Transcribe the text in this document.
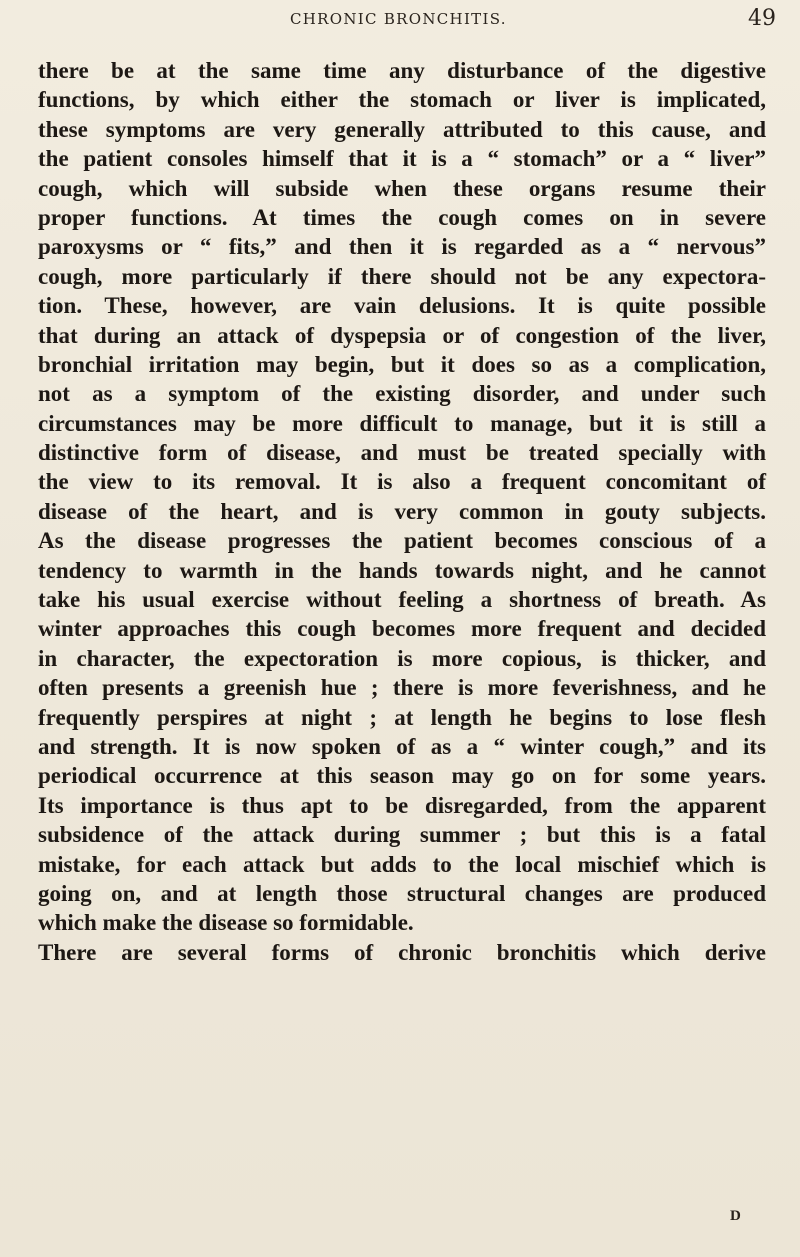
CHRONIC BRONCHITIS.	49
there be at the same time any disturbance of the digestive
functions, by which either the stomach or liver is implicated,
these symptoms are very generally attributed to this cause, and
the patient consoles himself that it is a “ stomach” or a “ liver”
cough, which will subside when these organs resume their
proper functions. At times the cough comes on in severe
paroxysms or “ fits,” and then it is regarded as a “ nervous”
cough, more particularly if there should not be any expectora-
tion. These, however, are vain delusions. It is quite possible
that during an attack of dyspepsia or of congestion of the liver,
bronchial irritation may begin, but it does so as a complication,
not as a symptom of the existing disorder, and under such
circumstances may be more difficult to manage, but it is still a
distinctive form of disease, and must be treated specially with
the view to its removal. It is also a frequent concomitant of
disease of the heart, and is very common in gouty subjects.
As the disease progresses the patient becomes conscious of a
tendency to warmth in the hands towards night, and he cannot
take his usual exercise without feeling a shortness of breath. As
winter approaches this cough becomes more frequent and decided
in character, the expectoration is more copious, is thicker, and
often presents a greenish hue ; there is more feverishness, and he
frequently perspires at night ; at length he begins to lose flesh
and strength. It is now spoken of as a “ winter cough,” and its
periodical occurrence at this season may go on for some years.
Its importance is thus apt to be disregarded, from the apparent
subsidence of the attack during summer ; but this is a fatal
mistake, for each attack but adds to the local mischief which is
going on, and at length those structural changes are produced
which make the disease so formidable.
There are several forms of chronic bronchitis which derive
D
